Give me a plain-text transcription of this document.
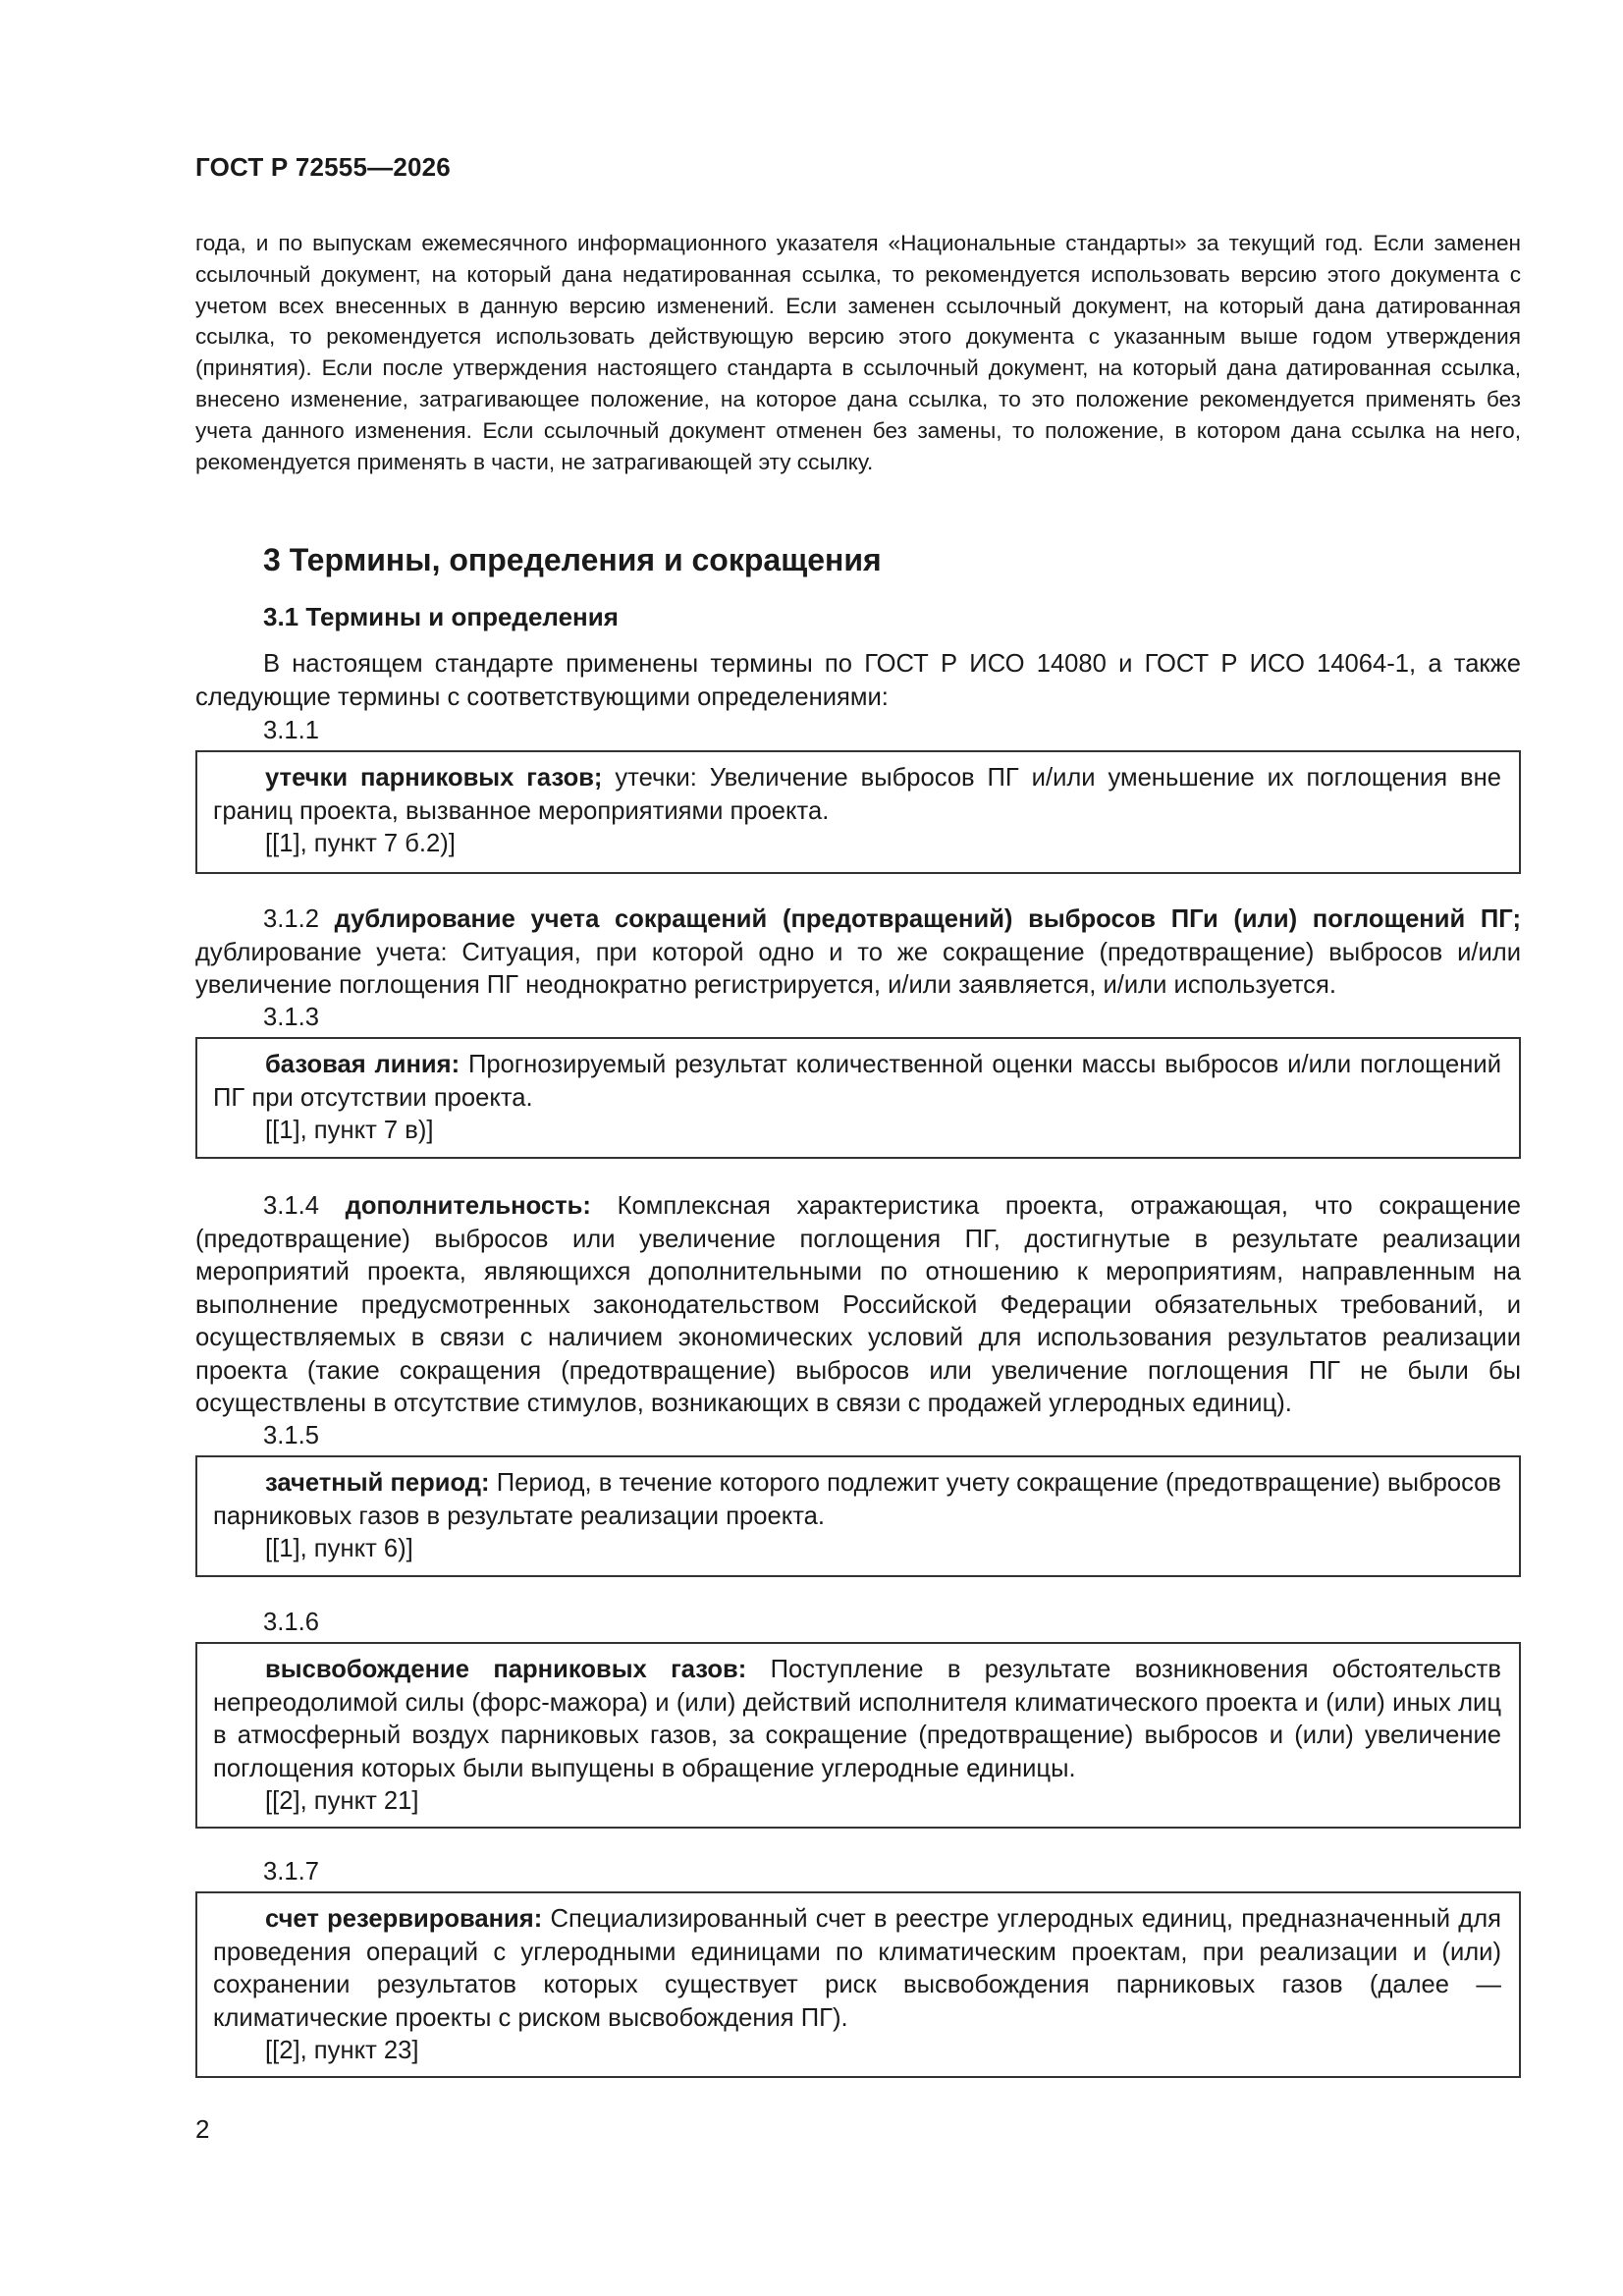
ГОСТ Р 72555—2026
года, и по выпускам ежемесячного информационного указателя «Национальные стандарты» за текущий год. Если заменен ссылочный документ, на который дана недатированная ссылка, то рекомендуется использовать версию этого документа с учетом всех внесенных в данную версию изменений. Если заменен ссылочный документ, на который дана датированная ссылка, то рекомендуется использовать действующую версию этого документа с указанным выше годом утверждения (принятия). Если после утверждения настоящего стандарта в ссылочный документ, на который дана датированная ссылка, внесено изменение, затрагивающее положение, на которое дана ссылка, то это положение рекомендуется применять без учета данного изменения. Если ссылочный документ отменен без замены, то положение, в котором дана ссылка на него, рекомендуется применять в части, не затрагивающей эту ссылку.
3 Термины, определения и сокращения
3.1 Термины и определения
В настоящем стандарте применены термины по ГОСТ Р ИСО 14080 и ГОСТ Р ИСО 14064-1, а также следующие термины с соответствующими определениями:
3.1.1
утечки парниковых газов; утечки: Увеличение выбросов ПГ и/или уменьшение их поглощения вне границ проекта, вызванное мероприятиями проекта.
[[1], пункт 7 б.2)]
3.1.2 дублирование учета сокращений (предотвращений) выбросов ПГи (или) поглощений ПГ; дублирование учета: Ситуация, при которой одно и то же сокращение (предотвращение) выбросов и/или увеличение поглощения ПГ неоднократно регистрируется, и/или заявляется, и/или используется.
3.1.3
базовая линия: Прогнозируемый результат количественной оценки массы выбросов и/или поглощений ПГ при отсутствии проекта.
[[1], пункт 7 в)]
3.1.4 дополнительность: Комплексная характеристика проекта, отражающая, что сокращение (предотвращение) выбросов или увеличение поглощения ПГ, достигнутые в результате реализации мероприятий проекта, являющихся дополнительными по отношению к мероприятиям, направленным на выполнение предусмотренных законодательством Российской Федерации обязательных требований, и осуществляемых в связи с наличием экономических условий для использования результатов реализации проекта (такие сокращения (предотвращение) выбросов или увеличение поглощения ПГ не были бы осуществлены в отсутствие стимулов, возникающих в связи с продажей углеродных единиц).
3.1.5
зачетный период: Период, в течение которого подлежит учету сокращение (предотвращение) выбросов парниковых газов в результате реализации проекта.
[[1], пункт 6)]
3.1.6
высвобождение парниковых газов: Поступление в результате возникновения обстоятельств непреодолимой силы (форс-мажора) и (или) действий исполнителя климатического проекта и (или) иных лиц в атмосферный воздух парниковых газов, за сокращение (предотвращение) выбросов и (или) увеличение поглощения которых были выпущены в обращение углеродные единицы.
[[2], пункт 21]
3.1.7
счет резервирования: Специализированный счет в реестре углеродных единиц, предназначенный для проведения операций с углеродными единицами по климатическим проектам, при реализации и (или) сохранении результатов которых существует риск высвобождения парниковых газов (далее — климатические проекты с риском высвобождения ПГ).
[[2], пункт 23]
2
